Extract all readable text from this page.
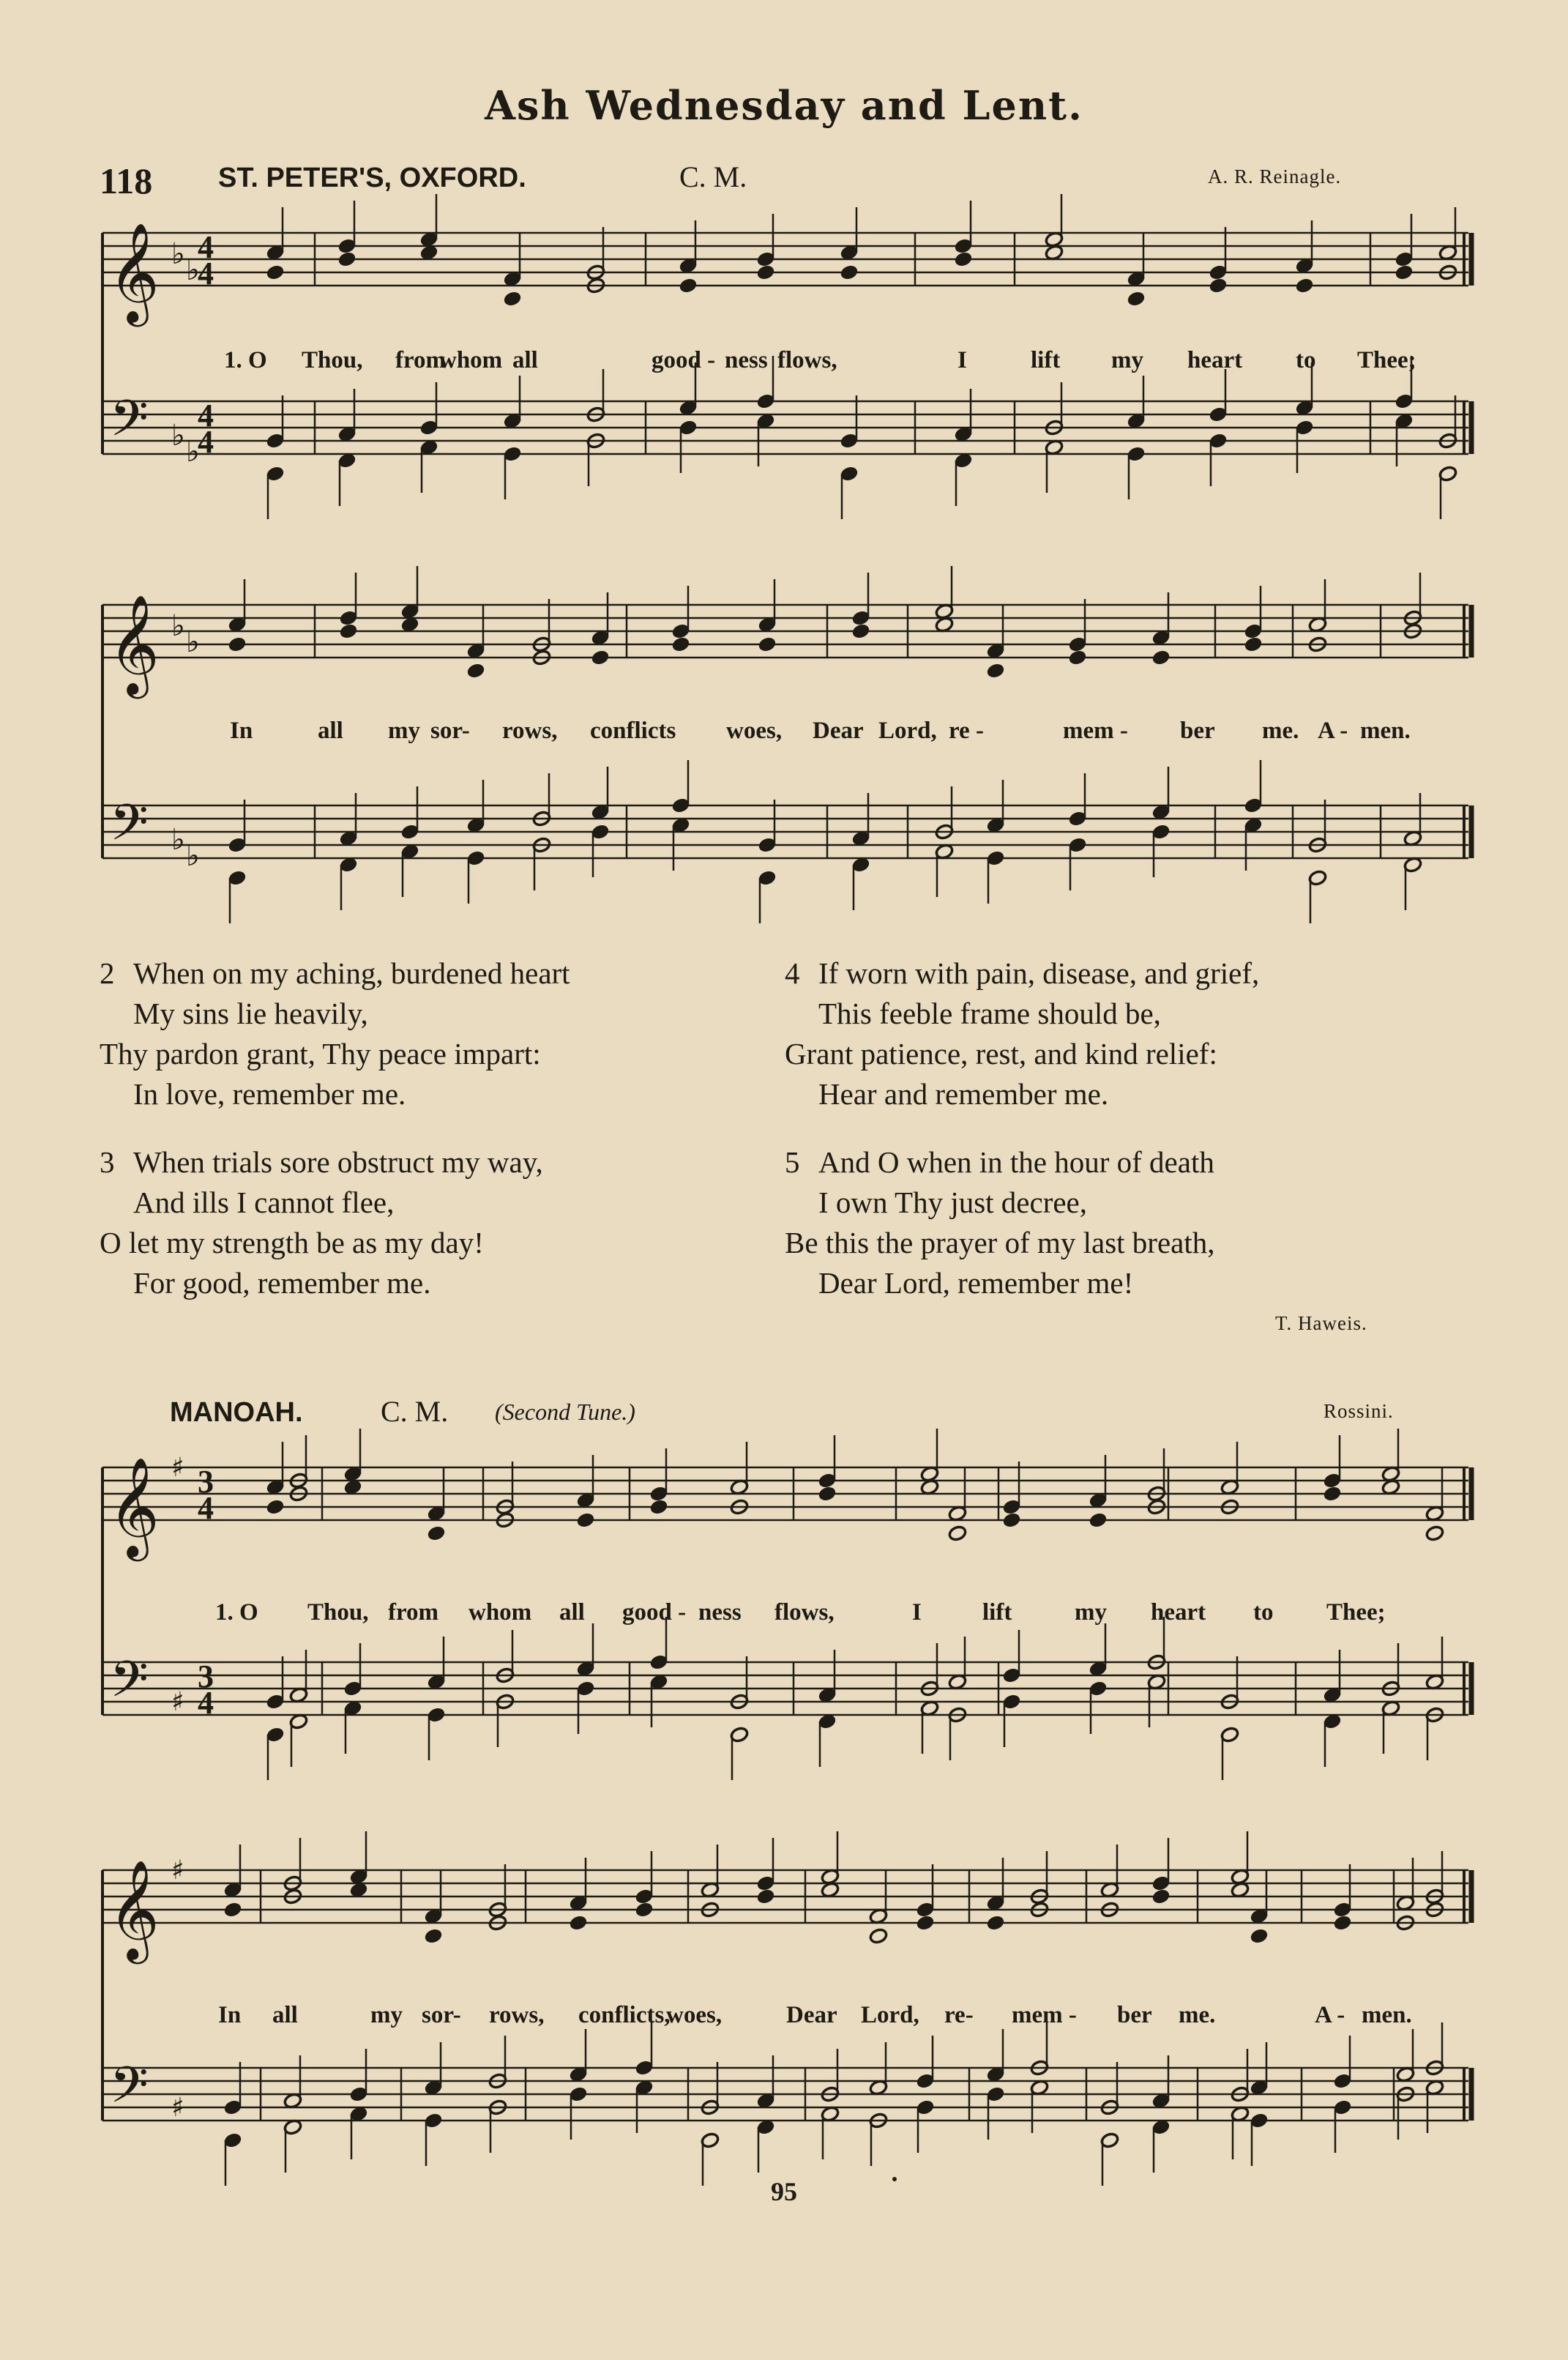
Ash Wednesday and Lent.
118 ST. PETER'S, OXFORD.	C. M.	A. R. Reinagle.
𝄞
𝄢
♭ ♭
♭ ♭
4
4
4
4
𝄞
𝄢
♭ ♭
♭ ♭
𝄞
𝄢
♯
♯
3
4
3
4
𝄞
𝄢
♯
♯
1. O Thou, from
whom all	good - ness flows,	I	lift my heart to Thee;
In	all my sor- rows, conflicts woes, Dear Lord, re -	mem - ber me. A - men.
2 When on my aching, burdened heart
My sins lie heavily,
Thy pardon grant, Thy peace impart:
In love, remember me.
3 When trials sore obstruct my way,
And ills I cannot flee,
O let my strength be as my day!
For good, remember me.
4 If worn with pain, disease, and grief,
This feeble frame should be,
Grant patience, rest, and kind relief:
Hear and remember me.
5 And O when in the hour of death
I own Thy just decree,
Be this the prayer of my last breath,
Dear Lord, remember me!
T. Haweis.
MANOAH.	C. M. (Second Tune.)	Rossini.
1. O Thou, from whom all good - ness flows,	I	lift	my heart to Thee;
In all	my sor- rows, conflicts,
woes,	Dear Lord, re- mem - ber me.	A - men.
95
